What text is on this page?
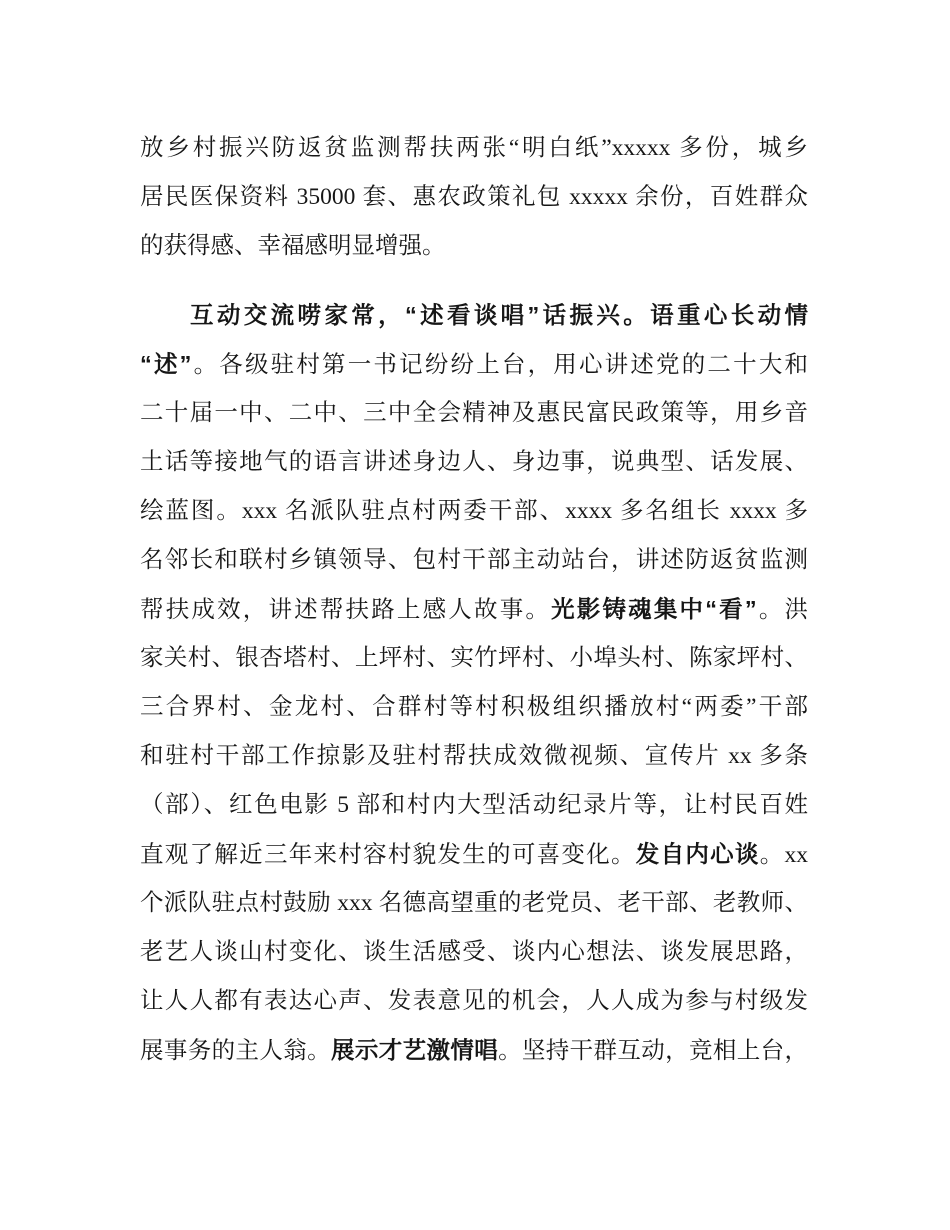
放乡村振兴防返贫监测帮扶两张“明白纸”xxxxx 多份，城乡
居民医保资料 35000 套、惠农政策礼包 xxxxx 余份，百姓群众
的获得感、幸福感明显增强。
互动交流唠家常，“述看谈唱”话振兴。语重心长动情
“述”。各级驻村第一书记纷纷上台，用心讲述党的二十大和
二十届一中、二中、三中全会精神及惠民富民政策等，用乡音
土话等接地气的语言讲述身边人、身边事，说典型、话发展、
绘蓝图。xxx 名派队驻点村两委干部、xxxx 多名组长 xxxx 多
名邻长和联村乡镇领导、包村干部主动站台，讲述防返贫监测
帮扶成效，讲述帮扶路上感人故事。光影铸魂集中“看”。洪
家关村、银杏塔村、上坪村、实竹坪村、小埠头村、陈家坪村、
三合界村、金龙村、合群村等村积极组织播放村“两委”干部
和驻村干部工作掠影及驻村帮扶成效微视频、宣传片 xx 多条
（部）、红色电影 5 部和村内大型活动纪录片等，让村民百姓
直观了解近三年来村容村貌发生的可喜变化。发自内心谈。xx
个派队驻点村鼓励 xxx 名德高望重的老党员、老干部、老教师、
老艺人谈山村变化、谈生活感受、谈内心想法、谈发展思路，
让人人都有表达心声、发表意见的机会，人人成为参与村级发
展事务的主人翁。展示才艺激情唱。坚持干群互动，竞相上台，
